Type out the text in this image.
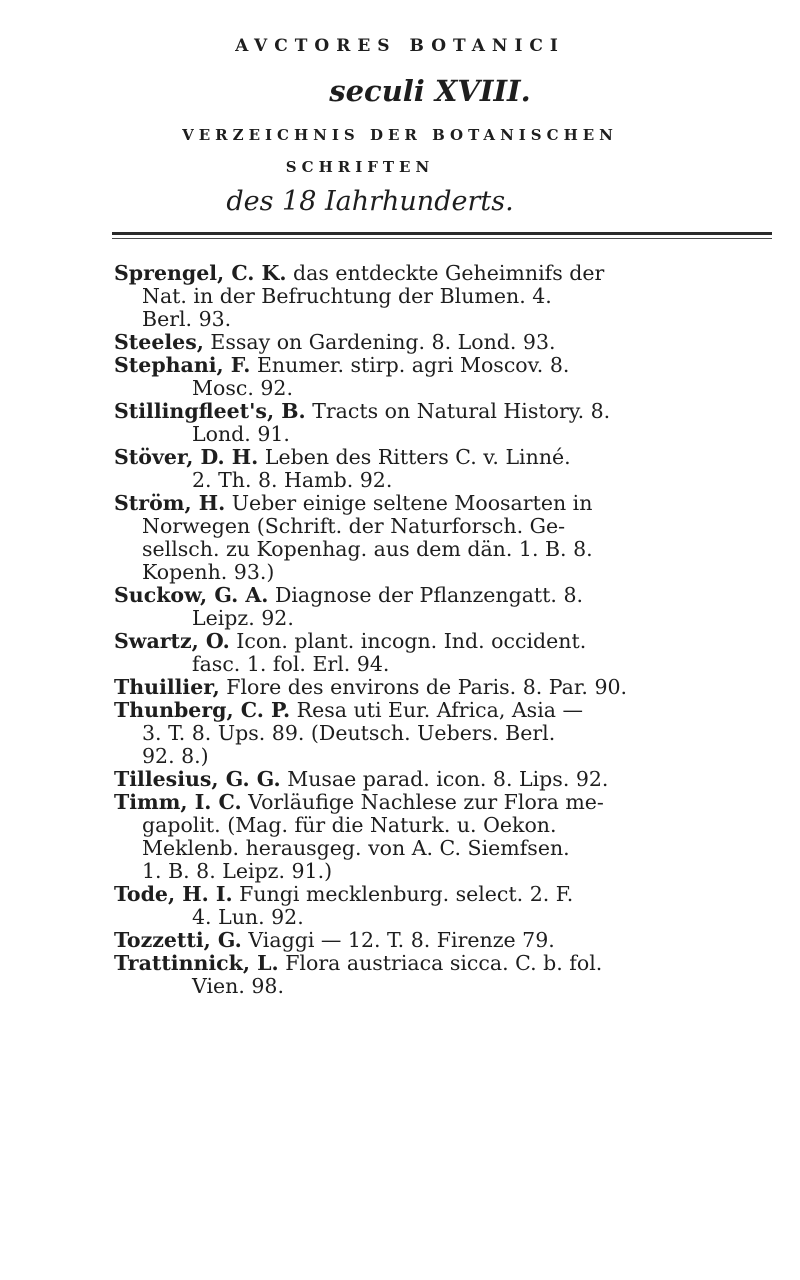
AVCTORES BOTANICI
seculi XVIII.
VERZEICHNIS DER BOTANISCHEN
SCHRIFTEN
des 18 Iahrhunderts.
Sprengel, C. K. das entdeckte Geheimnifs der
Nat. in der Befruchtung der Blumen. 4.
Berl. 93.
Steeles, Essay on Gardening. 8. Lond. 93.
Stephani, F. Enumer. stirp. agri Moscov. 8.
Mosc. 92.
Stillingfleet's, B. Tracts on Natural History. 8.
Lond. 91.
Stöver, D. H. Leben des Ritters C. v. Linné.
2. Th. 8. Hamb. 92.
Ström, H. Ueber einige seltene Moosarten in
Norwegen (Schrift. der Naturforsch. Ge-
sellsch. zu Kopenhag. aus dem dän. 1. B. 8.
Kopenh. 93.)
Suckow, G. A. Diagnose der Pflanzengatt. 8.
Leipz. 92.
Swartz, O. Icon. plant. incogn. Ind. occident.
fasc. 1. fol. Erl. 94.
Thuillier, Flore des environs de Paris. 8. Par. 90.
Thunberg, C. P. Resa uti Eur. Africa, Asia —
3. T. 8. Ups. 89. (Deutsch. Uebers. Berl.
92. 8.)
Tillesius, G. G. Musae parad. icon. 8. Lips. 92.
Timm, I. C. Vorläufige Nachlese zur Flora me-
gapolit. (Mag. für die Naturk. u. Oekon.
Meklenb. herausgeg. von A. C. Siemfsen.
1. B. 8. Leipz. 91.)
Tode, H. I. Fungi mecklenburg. select. 2. F.
4. Lun. 92.
Tozzetti, G. Viaggi — 12. T. 8. Firenze 79.
Trattinnick, L. Flora austriaca sicca. C. b. fol.
Vien. 98.
